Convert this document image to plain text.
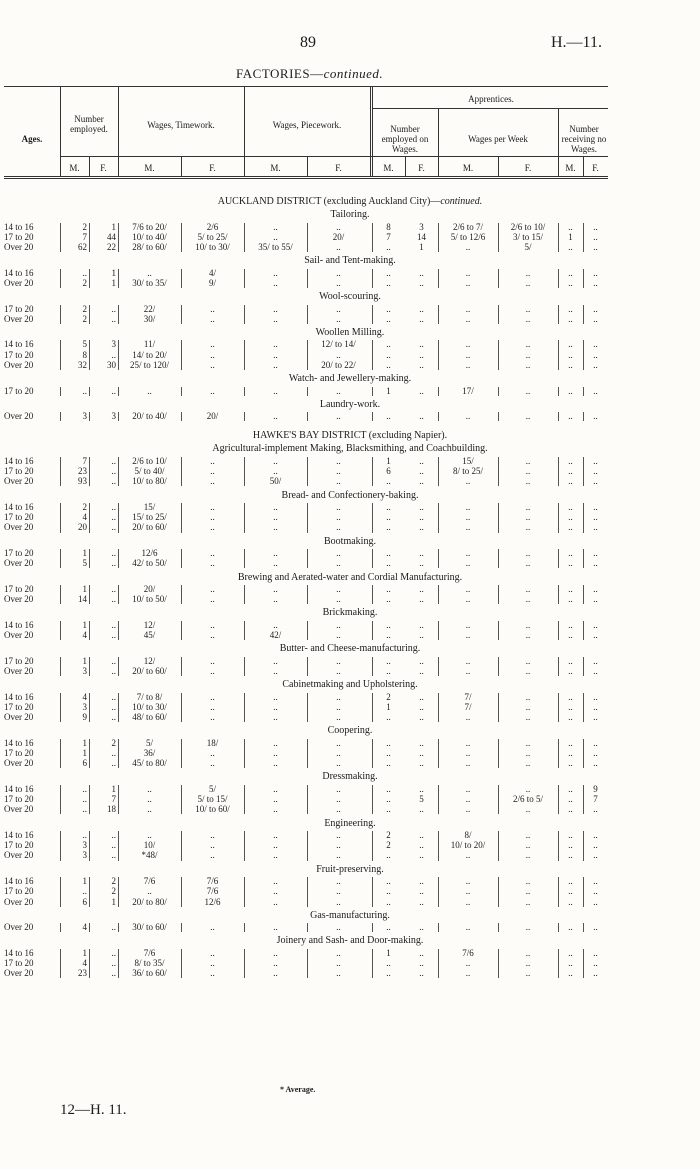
89	H.—11.
FACTORIES—continued.
Ages.
Number employed.	Wages, Timework.	Wages, Piecework.
Apprentices.
Number employed on Wages.
Wages per Week
Number receiving no Wages.
M.	F.	M.	F.	M.	F.	M.	F.	M.	F.	M.	F.
AUCKLAND DISTRICT (excluding Auckland City)—continued.
Tailoring.
14 to 16	2	1	7/6 to 20/	2/6	..	..	8	3	2/6 to 7/	2/6 to 10/	..	..
17 to 20	7	44	10/ to 40/	5/ to 25/	..	20/	7	14	5/ to 12/6	3/ to 15/	1	..
Over 20	62	22	28/ to 60/	10/ to 30/	35/ to 55/	..	..	1	..	5/	..	..
Sail- and Tent-making.
14 to 16	..	1	..	4/	..	..	..	..	..	..	..	..
Over 20	2	1	30/ to 35/	9/	..	..	..	..	..	..	..	..
Wool-scouring.
17 to 20	2	..	22/	..	..	..	..	..	..	..	..	..
Over 20	2	..	30/	..	..	..	..	..	..	..	..	..
Woollen Milling.
14 to 16	5	3	11/	..	..	12/ to 14/	..	..	..	..	..	..
17 to 20	8	..	14/ to 20/	..	..	..	..	..	..	..	..	..
Over 20	32	30	25/ to 120/	..	..	20/ to 22/	..	..	..	..	..	..
Watch- and Jewellery-making.
17 to 20	..	..	..	..	..	..	1	..	17/	..	..	..
Laundry-work.
Over 20	3	3	20/ to 40/	20/	..	..	..	..	..	..	..	..
HAWKE'S BAY DISTRICT (excluding Napier).
Agricultural-implement Making, Blacksmithing, and Coachbuilding.
14 to 16	7	..	2/6 to 10/	..	..	..	1	..	15/	..	..	..
17 to 20	23	..	5/ to 40/	..	..	..	6	..	8/ to 25/	..	..	..
Over 20	93	..	10/ to 80/	..	50/	..	..	..	..	..	..	..
Bread- and Confectionery-baking.
14 to 16	2	..	15/	..	..	..	..	..	..	..	..	..
17 to 20	4	..	15/ to 25/	..	..	..	..	..	..	..	..	..
Over 20	20	..	20/ to 60/	..	..	..	..	..	..	..	..	..
Bootmaking.
17 to 20	1	..	12/6	..	..	..	..	..	..	..	..	..
Over 20	5	..	42/ to 50/	..	..	..	..	..	..	..	..	..
Brewing and Aerated-water and Cordial Manufacturing.
17 to 20	1	..	20/	..	..	..	..	..	..	..	..	..
Over 20	14	..	10/ to 50/	..	..	..	..	..	..	..	..	..
Brickmaking.
14 to 16	1	..	12/	..	..	..	..	..	..	..	..	..
Over 20	4	..	45/	..	42/	..	..	..	..	..	..	..
Butter- and Cheese-manufacturing.
17 to 20	1	..	12/	..	..	..	..	..	..	..	..	..
Over 20	3	..	20/ to 60/	..	..	..	..	..	..	..	..	..
Cabinetmaking and Upholstering.
14 to 16	4	..	7/ to 8/	..	..	..	2	..	7/	..	..	..
17 to 20	3	..	10/ to 30/	..	..	..	1	..	7/	..	..	..
Over 20	9	..	48/ to 60/	..	..	..	..	..	..	..	..	..
Coopering.
14 to 16	1	2	5/	18/	..	..	..	..	..	..	..	..
17 to 20	1	..	36/	..	..	..	..	..	..	..	..	..
Over 20	6	..	45/ to 80/	..	..	..	..	..	..	..	..	..
Dressmaking.
14 to 16	..	1	..	5/	..	..	..	..	..	..	..	9
17 to 20	..	7	..	5/ to 15/	..	..	..	5	..	2/6 to 5/	..	7
Over 20	..	18	..	10/ to 60/	..	..	..	..	..	..	..	..
Engineering.
14 to 16	..	..	..	..	..	..	2	..	8/	..	..	..
17 to 20	3	..	10/	..	..	..	2	..	10/ to 20/	..	..	..
Over 20	3	..	*48/	..	..	..	..	..	..	..	..	..
Fruit-preserving.
14 to 16	1	2	7/6	7/6	..	..	..	..	..	..	..	..
17 to 20	..	2	..	7/6	..	..	..	..	..	..	..	..
Over 20	6	1	20/ to 80/	12/6	..	..	..	..	..	..	..	..
Gas-manufacturing.
Over 20	4	..	30/ to 60/	..	..	..	..	..	..	..	..	..
Joinery and Sash- and Door-making.
14 to 16	1	..	7/6	..	..	..	1	..	7/6	..	..	..
17 to 20	4	..	8/ to 35/	..	..	..	..	..	..	..	..	..
Over 20	23	..	36/ to 60/	..	..	..	..	..	..	..	..	..
* Average.
12—H. 11.
